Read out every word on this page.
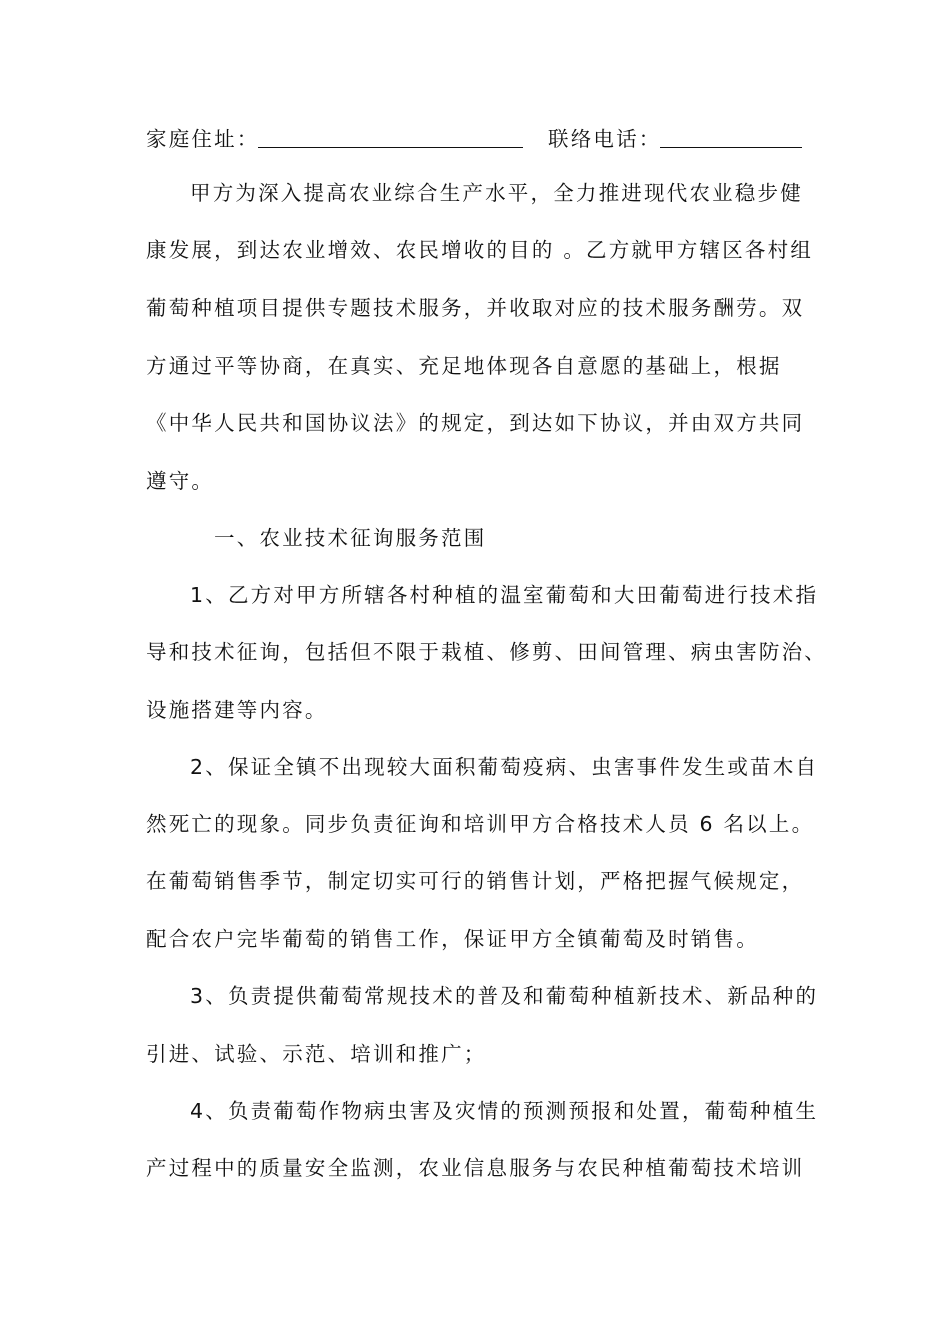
家庭住址：	联络电话：
甲方为深入提高农业综合生产水平，全力推进现代农业稳步健
康发展，到达农业增效、农民增收的目的 。乙方就甲方辖区各村组
葡萄种植项目提供专题技术服务，并收取对应的技术服务酬劳。双
方通过平等协商，在真实、充足地体现各自意愿的基础上，根据
《中华人民共和国协议法》的规定，到达如下协议，并由双方共同
遵守。
一、农业技术征询服务范围
1、乙方对甲方所辖各村种植的温室葡萄和大田葡萄进行技术指
导和技术征询，包括但不限于栽植、修剪、田间管理、病虫害防治、
设施搭建等内容。
2、保证全镇不出现较大面积葡萄疫病、虫害事件发生或苗木自
然死亡的现象。同步负责征询和培训甲方合格技术人员 6 名以上。
在葡萄销售季节，制定切实可行的销售计划，严格把握气候规定，
配合农户完毕葡萄的销售工作，保证甲方全镇葡萄及时销售。
3、负责提供葡萄常规技术的普及和葡萄种植新技术、新品种的
引进、试验、示范、培训和推广；
4、负责葡萄作物病虫害及灾情的预测预报和处置，葡萄种植生
产过程中的质量安全监测，农业信息服务与农民种植葡萄技术培训
